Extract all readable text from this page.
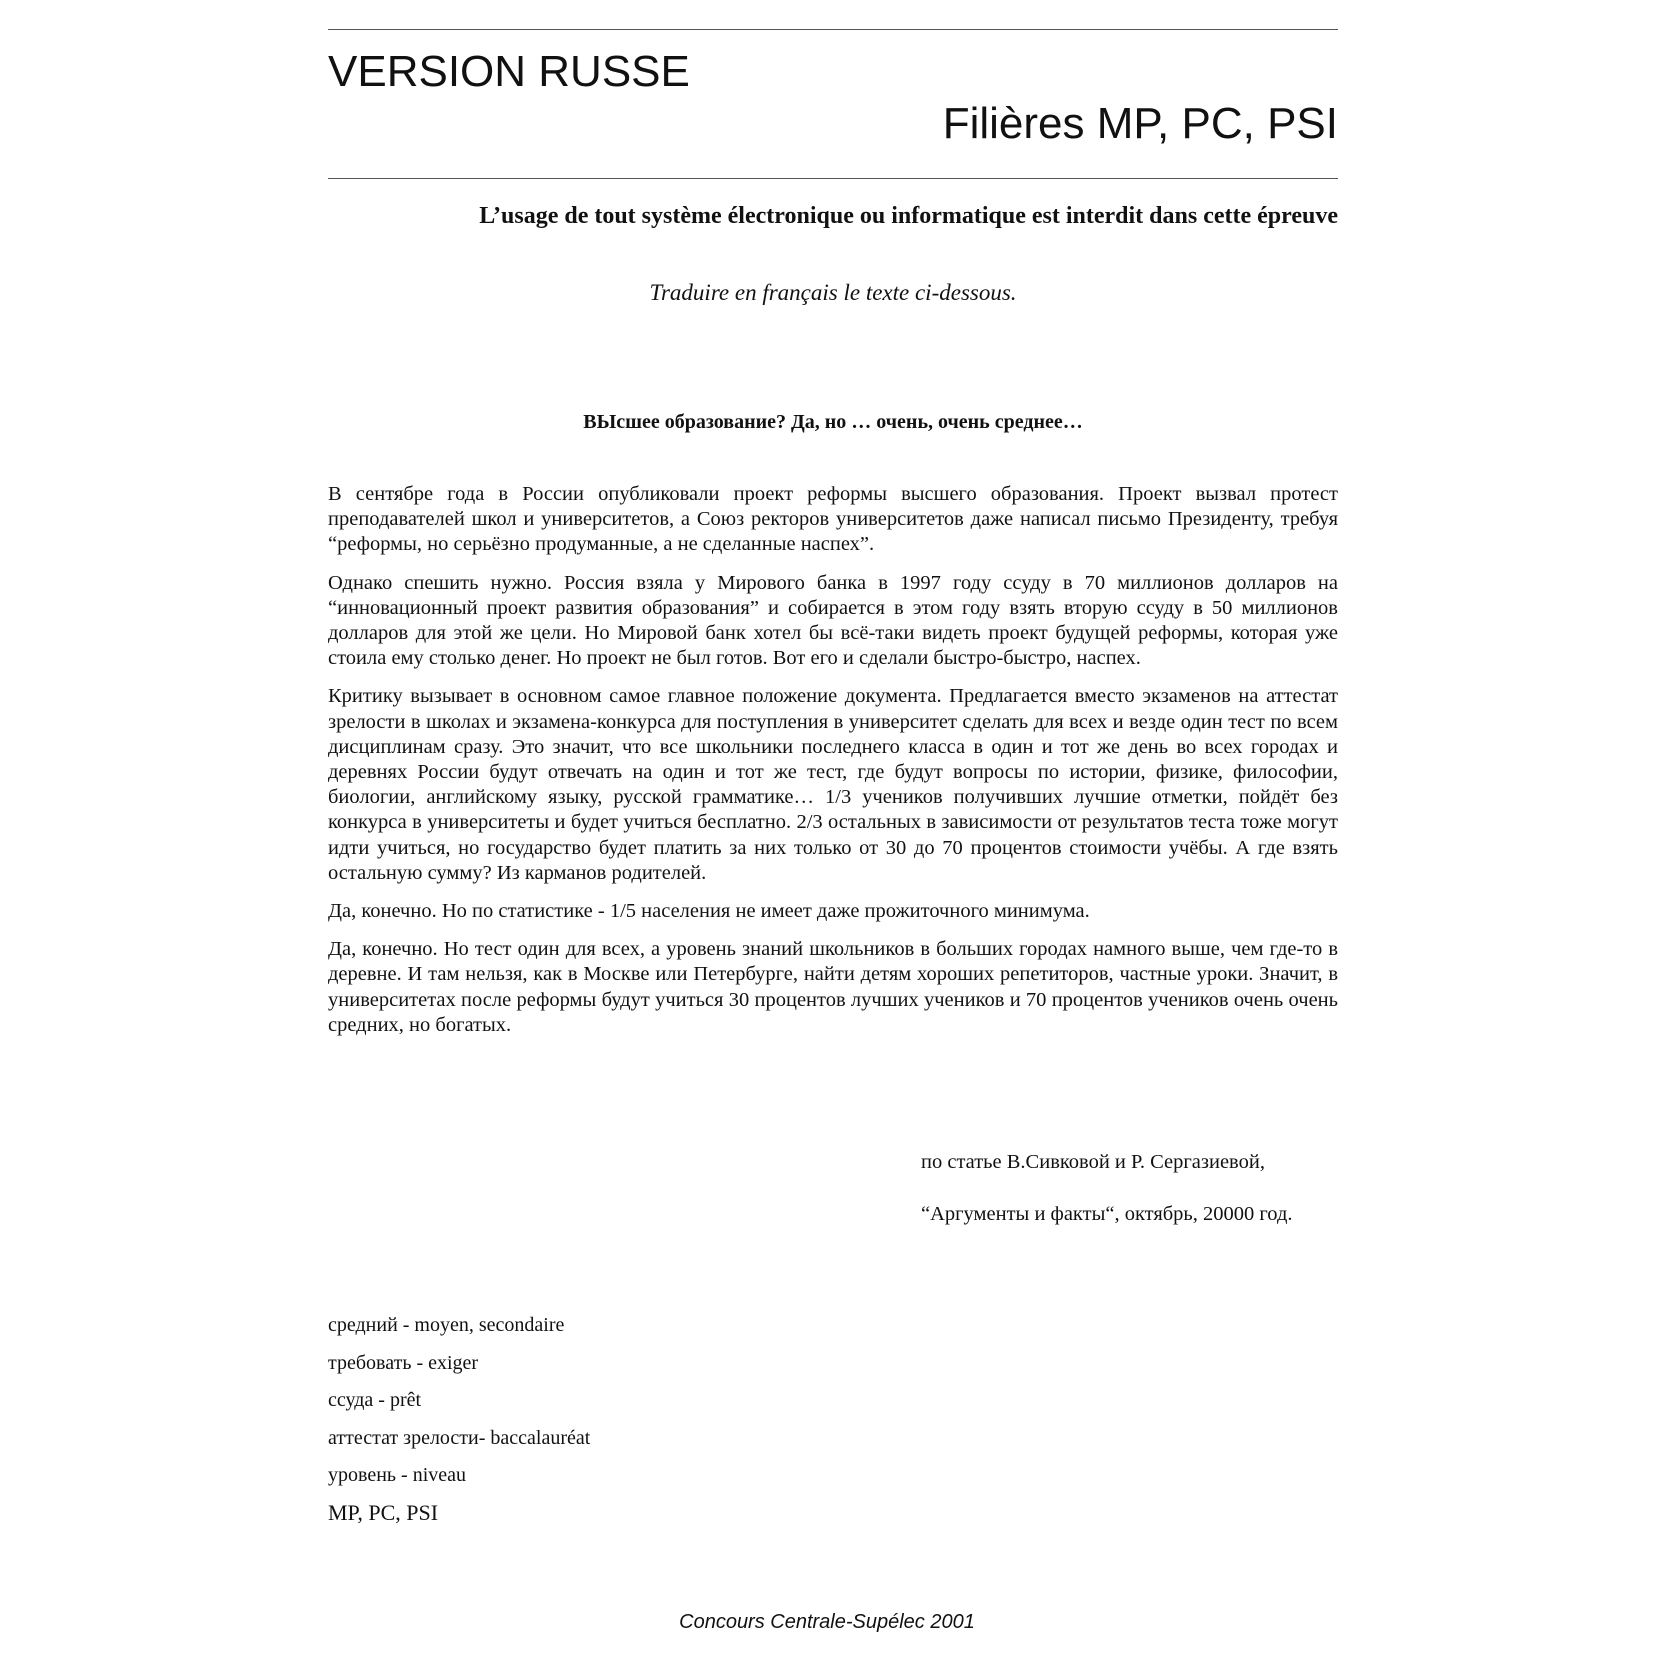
VERSION RUSSE
Filières MP, PC, PSI
L’usage de tout système électronique ou informatique est interdit dans cette épreuve
Traduire en français le texte ci-dessous.
ВЫсшее образование? Да, но … очень, очень среднее…

В сентябре года в России опубликовали проект реформы высшего образования. Проект вызвал протест преподавателей школ и университетов, а Союз ректоров университетов даже написал письмо Президенту, требуя “реформы, но серьёзно продуманные, а не сделанные наспех”.

Однако спешить нужно. Россия взяла у Мирового банка в 1997 году ссуду в 70 миллионов долларов на “инновационный проект развития образования” и собирается в этом году взять вторую ссуду в 50 миллионов долларов для этой же цели. Но Мировой банк хотел бы всё-таки видеть проект будущей реформы, которая уже стоила ему столько денег. Но проект не был готов. Вот его и сделали быстро-быстро, наспех.

Критику вызывает в основном самое главное положение документа. Предлагается вместо экзаменов на аттестат зрелости в школах и экзамена-конкурса для поступления в университет сделать для всех и везде один тест по всем дисциплинам сразу. Это значит, что все школьники последнего класса в один и тот же день во всех городах и деревнях России будут отвечать на один и тот же тест, где будут вопросы по истории, физике, философии, биологии, английскому языку, русской грамматике… 1/3 учеников получивших лучшие отметки, пойдёт без конкурса в университеты и будет учиться бесплатно. 2/3 остальных в зависимости от результатов теста тоже могут идти учиться, но государство будет платить за них только от 30 до 70 процентов стоимости учёбы. А где взять остальную сумму? Из карманов родителей.

Да, конечно. Но по статистике - 1/5 населения не имеет даже прожиточного минимума.

Да, конечно. Но тест один для всех, а уровень знаний школьников в больших городах намного выше, чем где-то в деревне. И там нельзя, как в Москве или Петербурге, найти детям хороших репетиторов, частные уроки. Значит, в университетах после реформы будут учиться 30 процентов лучших учеников и 70 процентов учеников очень очень средних, но богатых.

по статье В.Сивковой и Р. Сергазиевой,
“Аргументы и факты“, октябрь, 20000 год.
средний - moyen, secondaire
требовать - exiger
ссуда - prêt
аттестат зрелости- baccalauréat
уровень - niveau
MP, PC, PSI
Concours Centrale-Supélec 2001
